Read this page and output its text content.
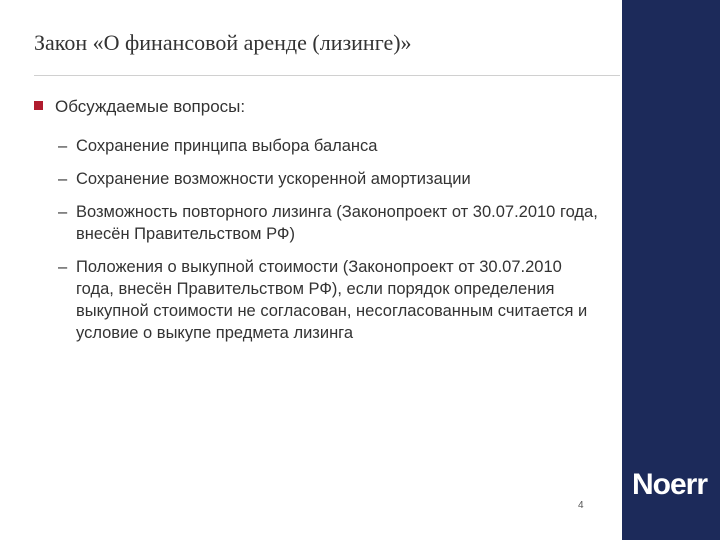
Noerr
Закон «О финансовой аренде (лизинге)»
Обсуждаемые вопросы:
– Сохранение принципа выбора баланса
– Сохранение возможности ускоренной амортизации
– Возможность повторного лизинга (Законопроект от 30.07.2010 года, внесён Правительством РФ)
– Положения о выкупной стоимости (Законопроект от 30.07.2010 года, внесён Правительством РФ), если порядок определения выкупной стоимости не согласован, несогласованным считается и условие о выкупе предмета лизинга
4
